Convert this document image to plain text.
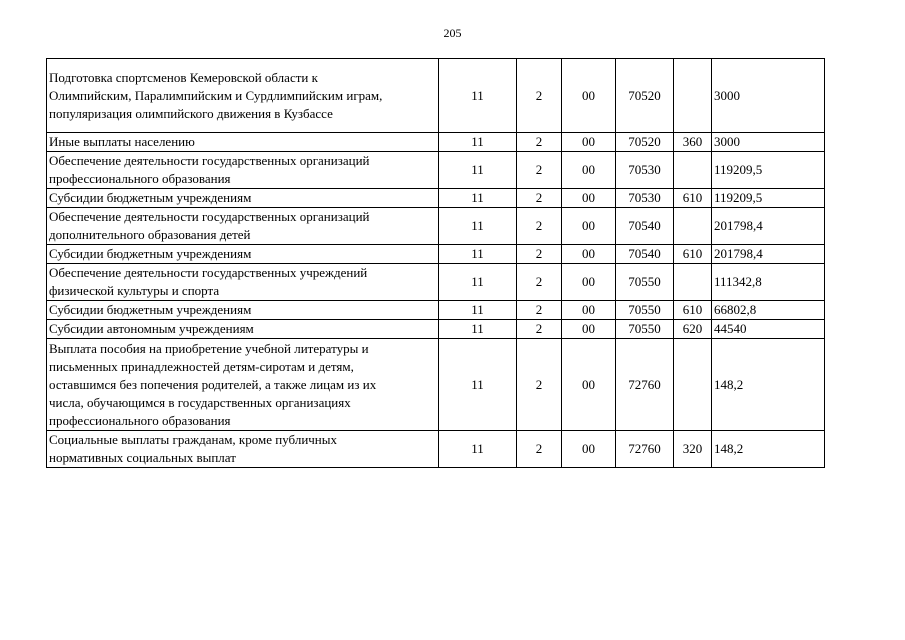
205
Подготовка спортсменов Кемеровской области к
Олимпийским, Паралимпийским и Сурдлимпийским играм,
популяризация олимпийского движения в Кузбассе	11	2	00	70520		3000

Иные выплаты населению	11	2	00	70520	360	3000

Обеспечение деятельности государственных организаций
профессионального образования	11	2	00	70530		119209,5

Субсидии бюджетным учреждениям	11	2	00	70530	610	119209,5

Обеспечение деятельности государственных организаций
дополнительного образования детей	11	2	00	70540		201798,4

Субсидии бюджетным учреждениям	11	2	00	70540	610	201798,4

Обеспечение деятельности государственных учреждений
физической культуры и спорта	11	2	00	70550		111342,8

Субсидии бюджетным учреждениям	11	2	00	70550	610	66802,8

Субсидии автономным учреждениям	11	2	00	70550	620	44540

Выплата пособия на приобретение учебной литературы и
письменных принадлежностей детям-сиротам и детям,
оставшимся без попечения родителей, а также лицам из их
числа, обучающимся в государственных организациях
профессионального образования	11	2	00	72760		148,2

Социальные выплаты гражданам, кроме публичных
нормативных социальных выплат	11	2	00	72760	320	148,2
